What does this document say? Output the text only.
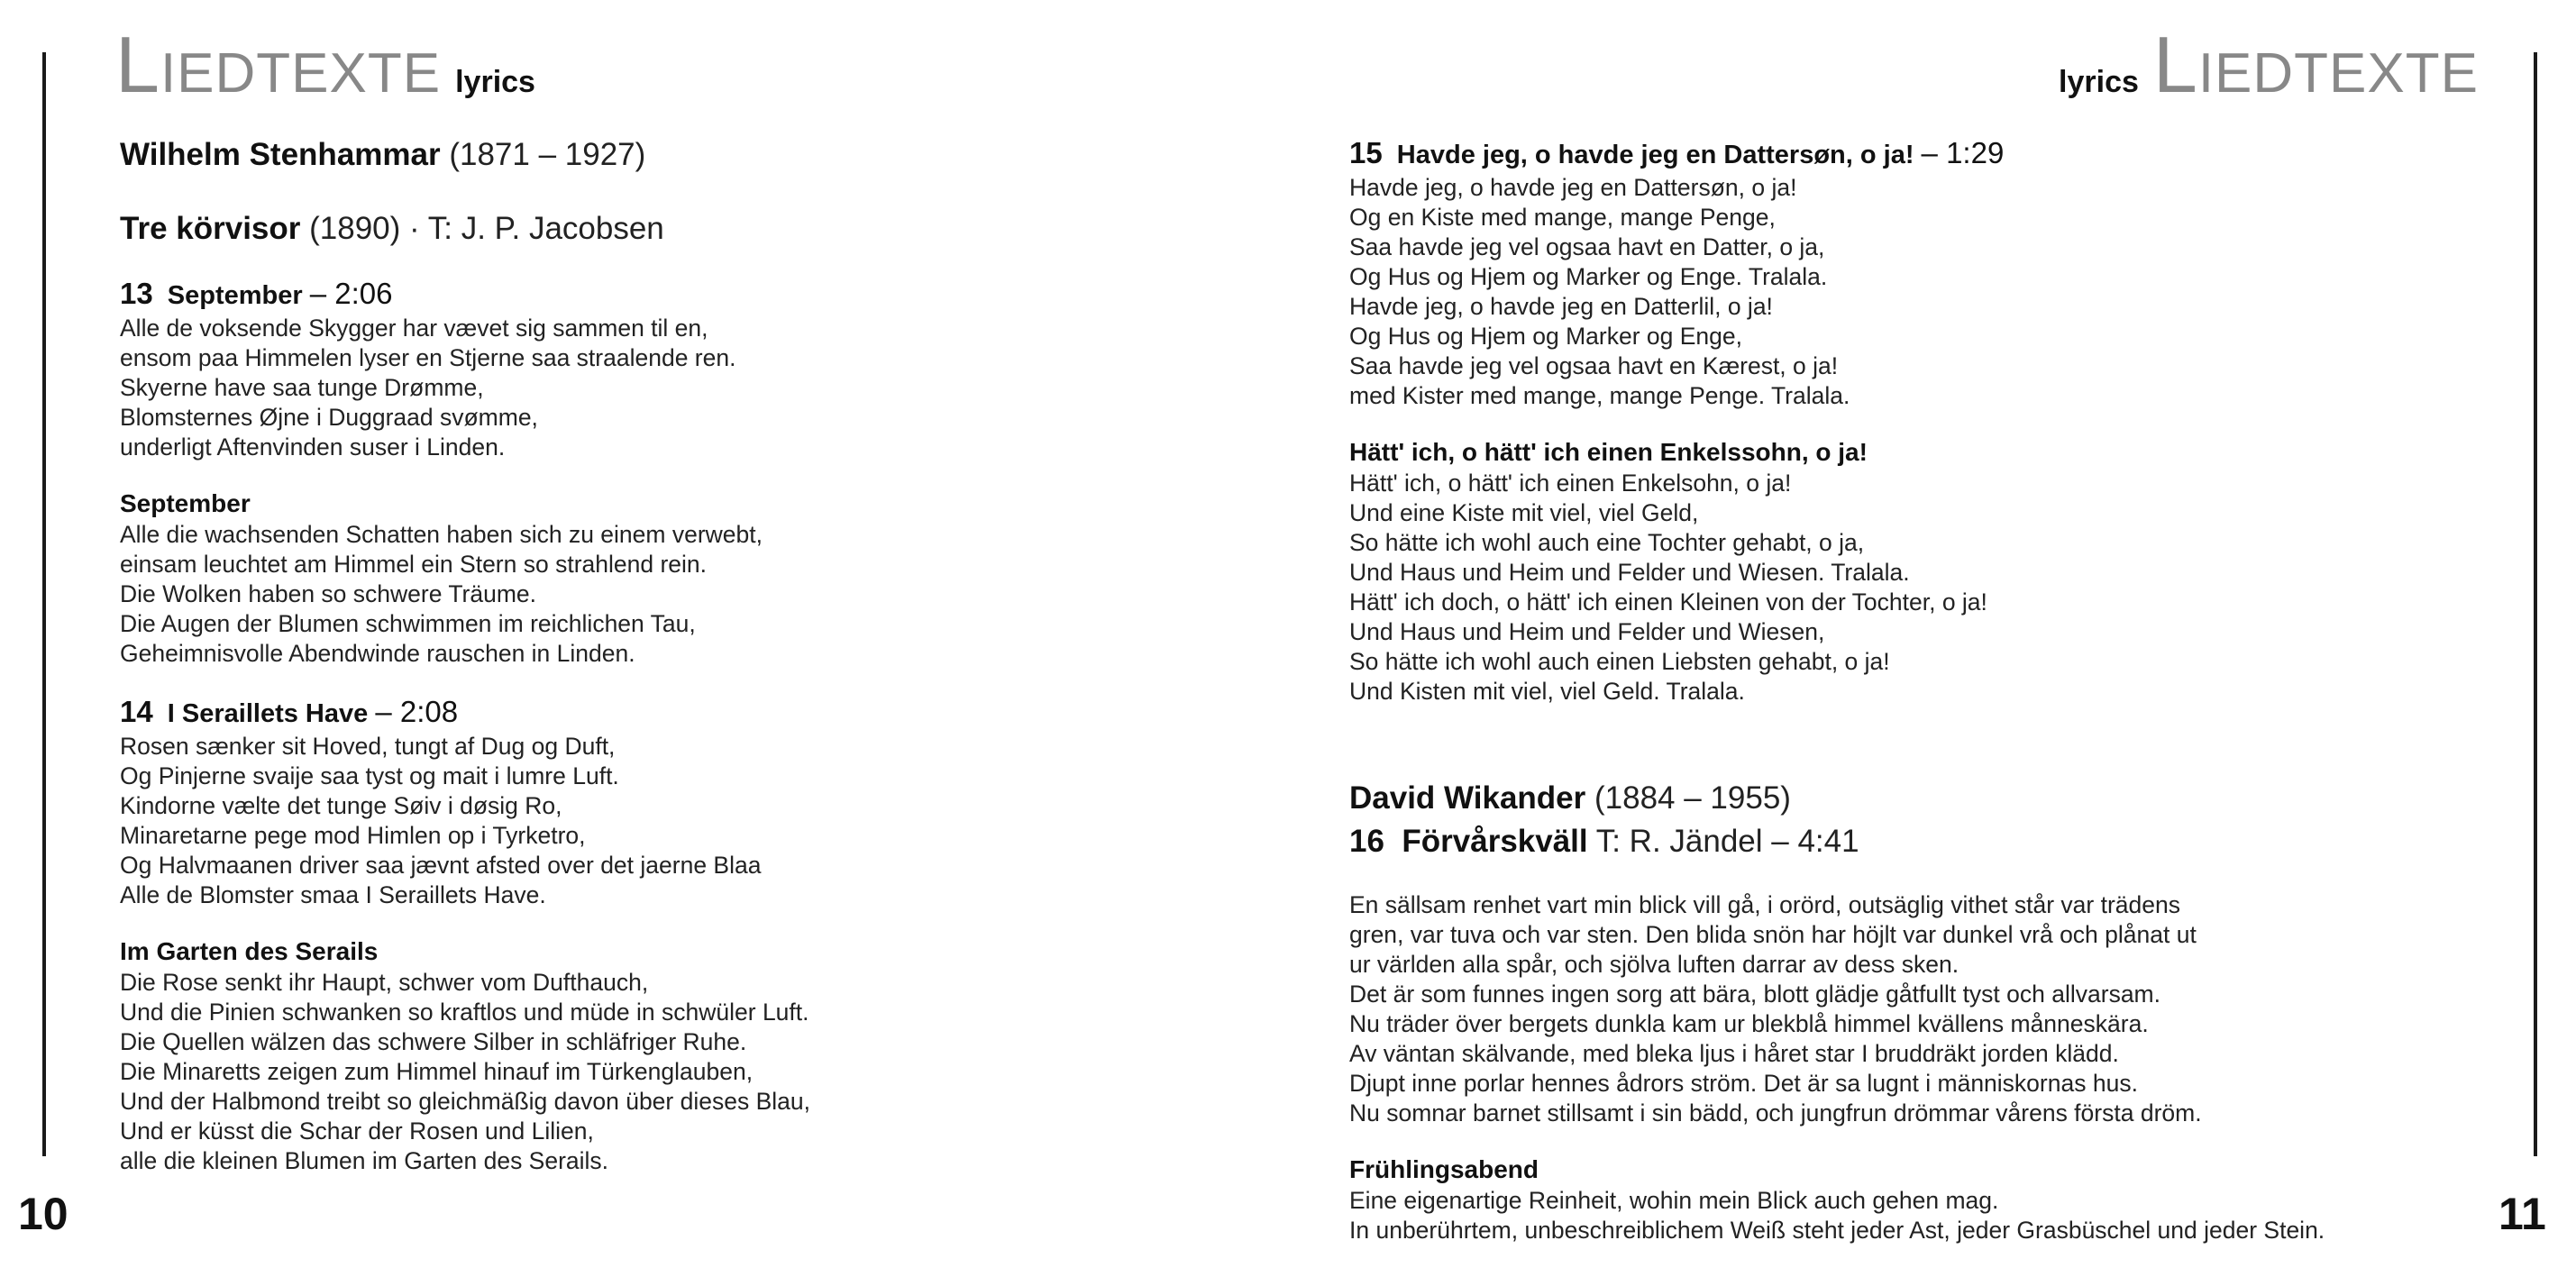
Liedtexte lyrics
Wilhelm Stenhammar (1871 – 1927)
Tre körvisor (1890) · T: J. P. Jacobsen
13 September – 2:06
Alle de voksende Skygger har vævet sig sammen til en,
ensom paa Himmelen lyser en Stjerne saa straalende ren.
Skyerne have saa tunge Drømme,
Blomsternes Øjne i Duggraad svømme,
underligt Aftenvinden suser i Linden.
September
Alle die wachsenden Schatten haben sich zu einem verwebt,
einsam leuchtet am Himmel ein Stern so strahlend rein.
Die Wolken haben so schwere Träume.
Die Augen der Blumen schwimmen im reichlichen Tau,
Geheimnisvolle Abendwinde rauschen in Linden.
14 I Seraillets Have – 2:08
Rosen sænker sit Hoved, tungt af Dug og Duft,
Og Pinjerne svaije saa tyst og mait i lumre Luft.
Kindorne vælte det tunge Søiv i døsig Ro,
Minaretarne pege mod Himlen op i Tyrketro,
Og Halvmaanen driver saa jævnt afsted over det jaerne Blaa
Alle de Blomster smaa I Seraillets Have.
Im Garten des Serails
Die Rose senkt ihr Haupt, schwer vom Dufthauch,
Und die Pinien schwanken so kraftlos und müde in schwüler Luft.
Die Quellen wälzen das schwere Silber in schläfriger Ruhe.
Die Minaretts zeigen zum Himmel hinauf im Türkenglauben,
Und der Halbmond treibt so gleichmäßig davon über dieses Blau,
Und er küsst die Schar der Rosen und Lilien,
alle die kleinen Blumen im Garten des Serails.
10
lyrics Liedtexte
15 Havde jeg, o havde jeg en Dattersøn, o ja! – 1:29
Havde jeg, o havde jeg en Dattersøn, o ja!
Og en Kiste med mange, mange Penge,
Saa havde jeg vel ogsaa havt en Datter, o ja,
Og Hus og Hjem og Marker og Enge. Tralala.
Havde jeg, o havde jeg en Datterlil, o ja!
Og Hus og Hjem og Marker og Enge,
Saa havde jeg vel ogsaa havt en Kærest, o ja!
med Kister med mange, mange Penge. Tralala.
Hätt' ich, o hätt' ich einen Enkelssohn, o ja!
Hätt' ich, o hätt' ich einen Enkelsohn, o ja!
Und eine Kiste mit viel, viel Geld,
So hätte ich wohl auch eine Tochter gehabt, o ja,
Und Haus und Heim und Felder und Wiesen. Tralala.
Hätt' ich doch, o hätt' ich einen Kleinen von der Tochter, o ja!
Und Haus und Heim und Felder und Wiesen,
So hätte ich wohl auch einen Liebsten gehabt, o ja!
Und Kisten mit viel, viel Geld. Tralala.
David Wikander (1884 – 1955)
16 Förvårskväll T: R. Jändel – 4:41
En sällsam renhet vart min blick vill gå, i orörd, outsäglig vithet står var trädens
gren, var tuva och var sten. Den blida snön har höjlt var dunkel vrå och plånat ut
ur världen alla spår, och sjölva luften darrar av dess sken.
Det är som funnes ingen sorg att bära, blott glädje gåtfullt tyst och allvarsam.
Nu träder över bergets dunkla kam ur blekblå himmel kvällens månneskära.
Av väntan skälvande, med bleka ljus i håret star I bruddräkt jorden klädd.
Djupt inne porlar hennes ådrors ström. Det är sa lugnt i människornas hus.
Nu somnar barnet stillsamt i sin bädd, och jungfrun drömmar vårens första dröm.
Frühlingsabend
Eine eigenartige Reinheit, wohin mein Blick auch gehen mag.
In unberührtem, unbeschreiblichem Weiß steht jeder Ast, jeder Grasbüschel und jeder Stein.	11
